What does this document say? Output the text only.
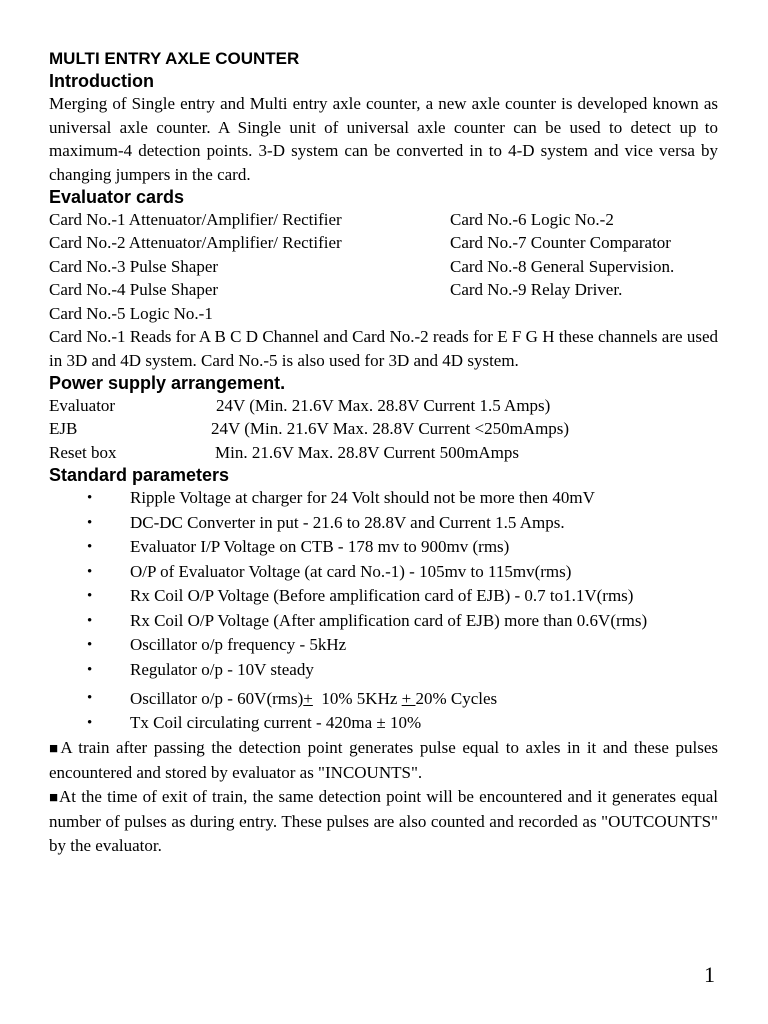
MULTI ENTRY AXLE COUNTER
Introduction

Merging of Single entry and Multi entry axle counter, a new axle counter is developed known as universal axle counter. A Single unit of universal axle counter can be used to detect up to maximum-4 detection points. 3-D system can be converted in to 4-D system and vice versa by changing jumpers in the card.

Evaluator cards
Card No.-1 Attenuator/Amplifier/ Rectifier	Card No.-6 Logic No.-2
Card No.-2 Attenuator/Amplifier/ Rectifier	Card No.-7 Counter Comparator
Card No.-3 Pulse Shaper	Card No.-8 General Supervision.
Card No.-4 Pulse Shaper	Card No.-9 Relay Driver.
Card No.-5 Logic No.-1

Card No.-1 Reads for A B C D Channel and Card No.-2 reads for E F G H these channels are used in 3D and 4D system. Card No.-5 is also used for 3D and 4D system.

Power supply arrangement.
Evaluator	24V (Min. 21.6V Max. 28.8V Current 1.5 Amps)
EJB	24V (Min. 21.6V Max. 28.8V Current <250mAmps)
Reset box	Min. 21.6V Max. 28.8V Current 500mAmps
Standard parameters
• Ripple Voltage at charger for 24 Volt should not be more then 40mV
• DC-DC Converter in put - 21.6 to 28.8V and Current 1.5 Amps.
• Evaluator I/P Voltage on CTB - 178 mv to 900mv (rms)
• O/P of Evaluator Voltage (at card No.-1) - 105mv to 115mv(rms)
• Rx Coil O/P Voltage (Before amplification card of EJB) - 0.7 to1.1V(rms)
• Rx Coil O/P Voltage (After amplification card of EJB) more than 0.6V(rms)
• Oscillator o/p frequency - 5kHz
• Regulator o/p - 10V steady
• Oscillator o/p - 60V(rms)+  10% 5KHz + 20% Cycles
• Tx Coil circulating current - 420ma ± 10%

■A train after passing the detection point generates pulse equal to axles in it and these pulses encountered and stored by evaluator as "INCOUNTS".

■At the time of exit of train, the same detection point will be encountered and it generates equal number of pulses as during entry. These pulses are also counted and recorded as "OUTCOUNTS" by the evaluator.

1
